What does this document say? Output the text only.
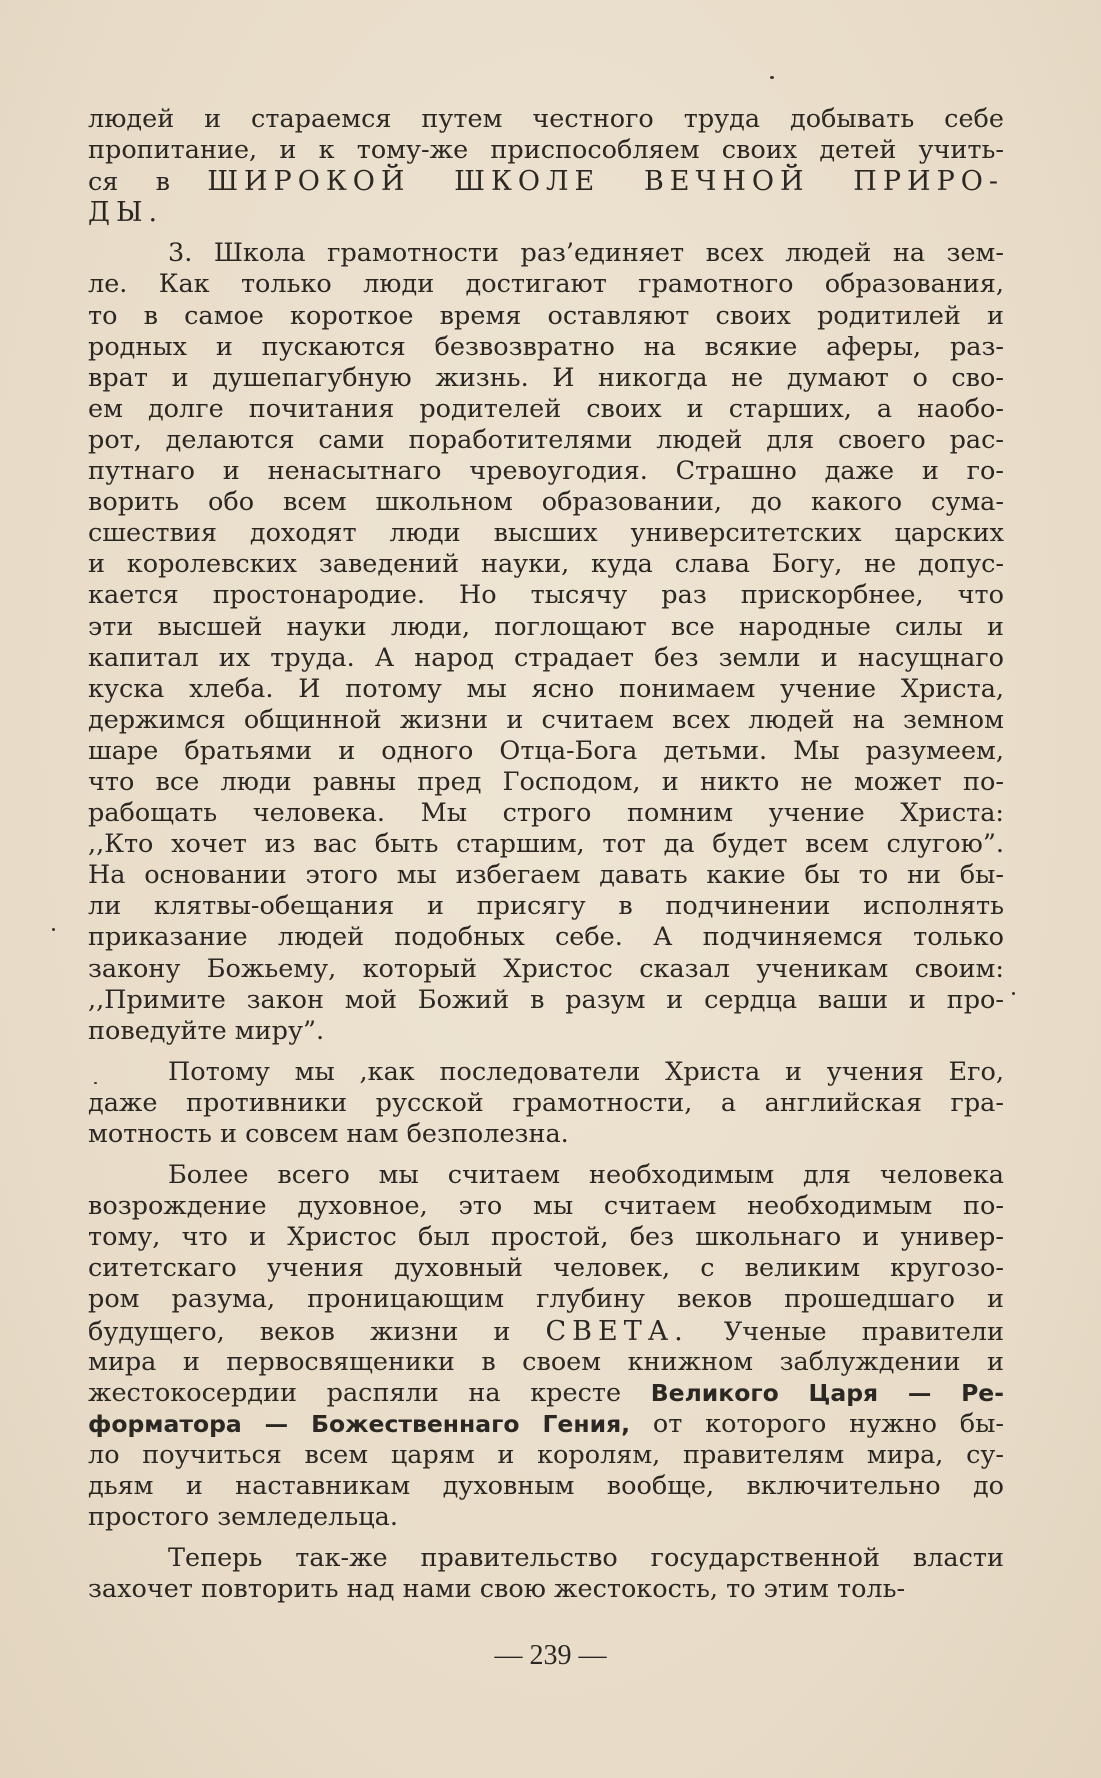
людей и стараемся путем честного труда добывать себе
пропитание, и к тому-же приспособляем своих детей учить-
ся в ШИРОКОЙ ШКОЛЕ ВЕЧНОЙ ПРИРО-
ДЫ.
3. Школа грамотности раз’единяет всех людей на зем-
ле. Как только люди достигают грамотного образования,
то в самое короткое время оставляют своих родитилей и
родных и пускаются безвозвратно на всякие аферы, раз-
врат и душепагубную жизнь. И никогда не думают о сво-
ем долге почитания родителей своих и старших, а наобо-
рот, делаются сами поработителями людей для своего рас-
путнаго и ненасытнаго чревоугодия. Страшно даже и го-
ворить обо всем школьном образовании, до какого сума-
сшествия доходят люди высших университетских царских
и королевских заведений науки, куда слава Богу, не допус-
кается простонародие. Но тысячу раз прискорбнее, что
эти высшей науки люди, поглощают все народные силы и
капитал их труда. А народ страдает без земли и насущнаго
куска хлеба. И потому мы ясно понимаем учение Христа,
держимся общинной жизни и считаем всех людей на земном
шаре братьями и одного Отца-Бога детьми. Мы разумеем,
что все люди равны пред Господом, и никто не может по-
рабощать человека. Мы строго помним учение Христа:
,,Кто хочет из вас быть старшим, тот да будет всем слугою”.
На основании этого мы избегаем давать какие бы то ни бы-
ли клятвы-обещания и присягу в подчинении исполнять
приказание людей подобных себе. А подчиняемся только
закону Божьему, который Христос сказал ученикам своим:
,,Примите закон мой Божий в разум и сердца ваши и про-
поведуйте миру”.
Потому мы ,как последователи Христа и учения Его,
даже противники русской грамотности, а английская гра-
мотность и совсем нам безполезна.
Более всего мы считаем необходимым для человека
возрождение духовное, это мы считаем необходимым по-
тому, что и Христос был простой, без школьнаго и универ-
ситетскаго учения духовный человек, с великим кругозо-
ром разума, проницающим глубину веков прошедшаго и
будущего, веков жизни и СВЕТА. Ученые правители
мира и первосвященики в своем книжном заблуждении и
жестокосердии распяли на кресте Великого Царя — Ре-
форматора — Божественнаго Гения, от которого нужно бы-
ло поучиться всем царям и королям, правителям мира, су-
дьям и наставникам духовным вообще, включительно до
простого земледельца.
Теперь так-же правительство государственной власти
захочет повторить над нами свою жестокость, то этим толь-
— 239 —
